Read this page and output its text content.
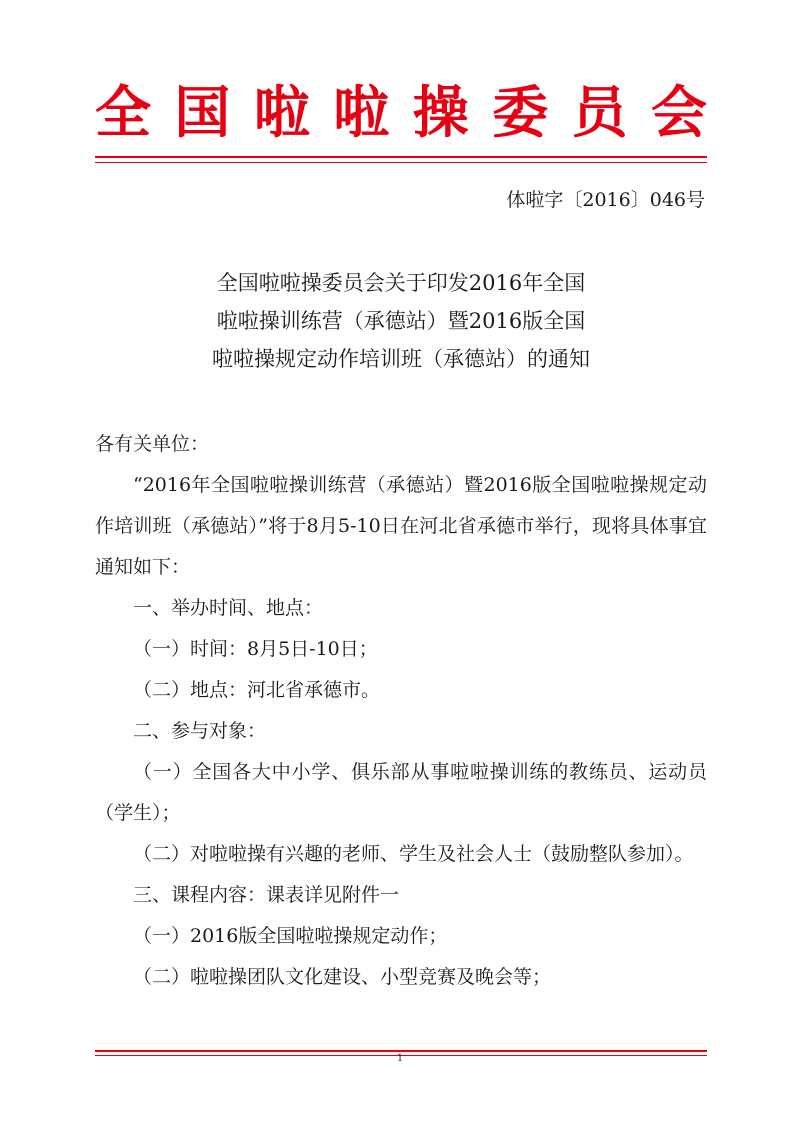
全 国 啦 啦 操 委 员 会
体啦字〔2016〕046号
全国啦啦操委员会关于印发2016年全国
啦啦操训练营（承德站）暨2016版全国
啦啦操规定动作培训班（承德站）的通知

各有关单位：

“2016年全国啦啦操训练营（承德站）暨2016版全国啦啦操规定动作培训班（承德站）”将于8月5-10日在河北省承德市举行，现将具体事宜通知如下：

一、举办时间、地点：

（一）时间：8月5日-10日；

（二）地点：河北省承德市。

二、参与对象：

（一）全国各大中小学、俱乐部从事啦啦操训练的教练员、运动员（学生）；

（二）对啦啦操有兴趣的老师、学生及社会人士（鼓励整队参加）。

三、课程内容：课表详见附件一

（一）2016版全国啦啦操规定动作；

（二）啦啦操团队文化建设、小型竞赛及晚会等；

1
